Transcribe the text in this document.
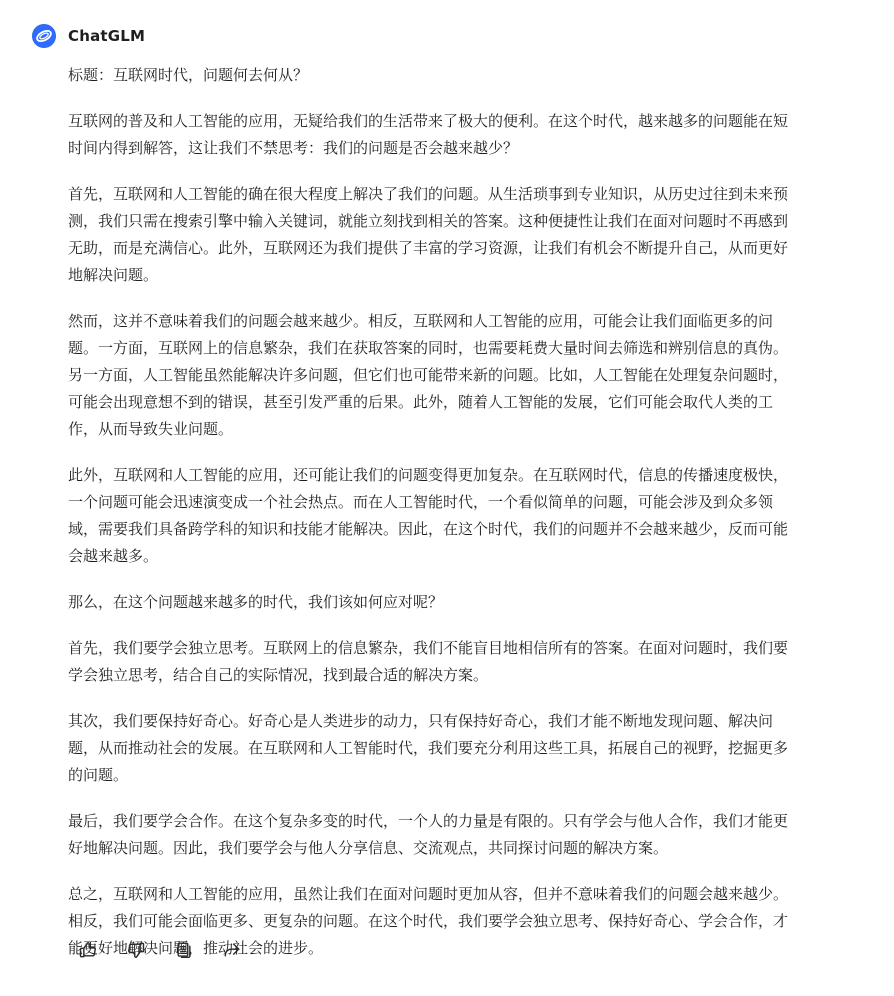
ChatGLM

标题：互联网时代，问题何去何从？

互联网的普及和人工智能的应用，无疑给我们的生活带来了极大的便利。在这个时代，越来越多的问题能在短时间内得到解答，这让我们不禁思考：我们的问题是否会越来越少？

首先，互联网和人工智能的确在很大程度上解决了我们的问题。从生活琐事到专业知识，从历史过往到未来预测，我们只需在搜索引擎中输入关键词，就能立刻找到相关的答案。这种便捷性让我们在面对问题时不再感到无助，而是充满信心。此外，互联网还为我们提供了丰富的学习资源，让我们有机会不断提升自己，从而更好地解决问题。

然而，这并不意味着我们的问题会越来越少。相反，互联网和人工智能的应用，可能会让我们面临更多的问题。一方面，互联网上的信息繁杂，我们在获取答案的同时，也需要耗费大量时间去筛选和辨别信息的真伪。另一方面，人工智能虽然能解决许多问题，但它们也可能带来新的问题。比如，人工智能在处理复杂问题时，可能会出现意想不到的错误，甚至引发严重的后果。此外，随着人工智能的发展，它们可能会取代人类的工作，从而导致失业问题。

此外，互联网和人工智能的应用，还可能让我们的问题变得更加复杂。在互联网时代，信息的传播速度极快，一个问题可能会迅速演变成一个社会热点。而在人工智能时代，一个看似简单的问题，可能会涉及到众多领域，需要我们具备跨学科的知识和技能才能解决。因此，在这个时代，我们的问题并不会越来越少，反而可能会越来越多。

那么，在这个问题越来越多的时代，我们该如何应对呢？

首先，我们要学会独立思考。互联网上的信息繁杂，我们不能盲目地相信所有的答案。在面对问题时，我们要学会独立思考，结合自己的实际情况，找到最合适的解决方案。

其次，我们要保持好奇心。好奇心是人类进步的动力，只有保持好奇心，我们才能不断地发现问题、解决问题，从而推动社会的发展。在互联网和人工智能时代，我们要充分利用这些工具，拓展自己的视野，挖掘更多的问题。

最后，我们要学会合作。在这个复杂多变的时代，一个人的力量是有限的。只有学会与他人合作，我们才能更好地解决问题。因此，我们要学会与他人分享信息、交流观点，共同探讨问题的解决方案。

总之，互联网和人工智能的应用，虽然让我们在面对问题时更加从容，但并不意味着我们的问题会越来越少。相反，我们可能会面临更多、更复杂的问题。在这个时代，我们要学会独立思考、保持好奇心、学会合作，才能更好地解决问题，推动社会的进步。
